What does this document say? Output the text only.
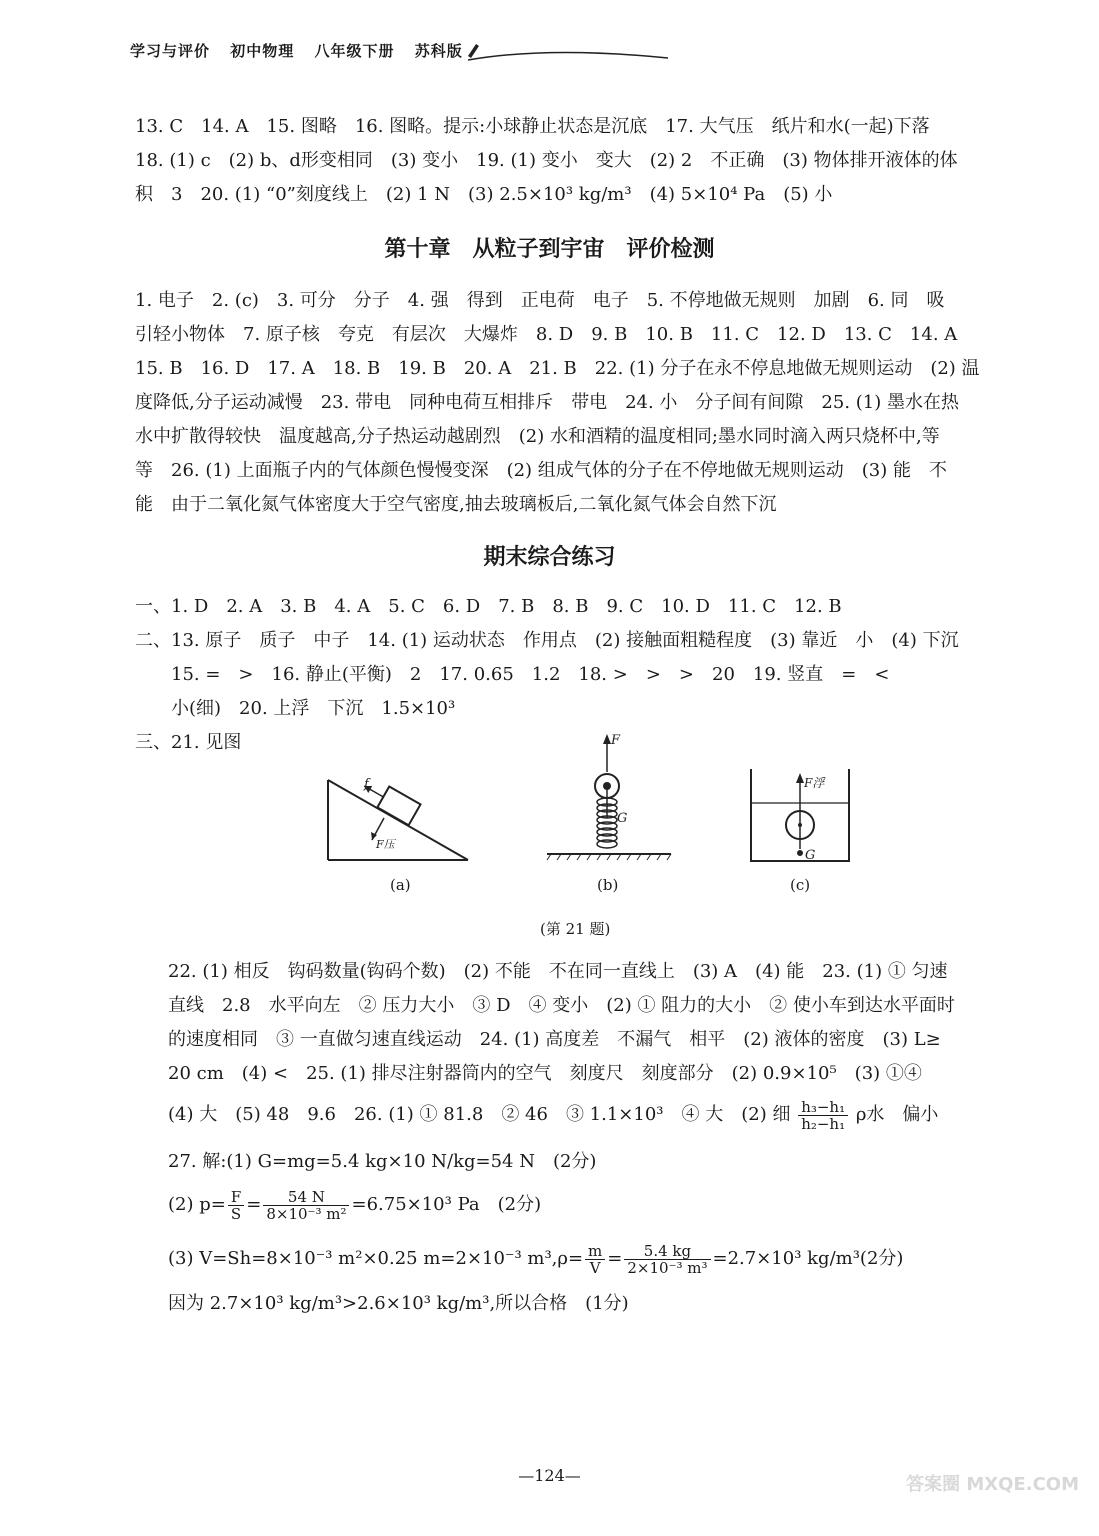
学习与评价 初中物理 八年级下册 苏科版
13. C　14. A　15. 图略　16. 图略。提示:小球静止状态是沉底　17. 大气压　纸片和水(一起)下落
18. (1) c　(2) b、d形变相同　(3) 变小　19. (1) 变小　变大　(2) 2　不正确　(3) 物体排开液体的体
积　3　20. (1) “0”刻度线上　(2) 1 N　(3) 2.5×10³ kg/m³　(4) 5×10⁴ Pa　(5) 小
第十章　从粒子到宇宙　评价检测
1. 电子　2. (c)　3. 可分　分子　4. 强　得到　正电荷　电子　5. 不停地做无规则　加剧　6. 同　吸
引轻小物体　7. 原子核　夸克　有层次　大爆炸　8. D　9. B　10. B　11. C　12. D　13. C　14. A
15. B　16. D　17. A　18. B　19. B　20. A　21. B　22. (1) 分子在永不停息地做无规则运动　(2) 温
度降低,分子运动减慢　23. 带电　同种电荷互相排斥　带电　24. 小　分子间有间隙　25. (1) 墨水在热
水中扩散得较快　温度越高,分子热运动越剧烈　(2) 水和酒精的温度相同;墨水同时滴入两只烧杯中,等
等　26. (1) 上面瓶子内的气体颜色慢慢变深　(2) 组成气体的分子在不停地做无规则运动　(3) 能　不
能　由于二氧化氮气体密度大于空气密度,抽去玻璃板后,二氧化氮气体会自然下沉
期末综合练习
一、1. D　2. A　3. B　4. A　5. C　6. D　7. B　8. B　9. C　10. D　11. C　12. B
二、13. 原子　质子　中子　14. (1) 运动状态　作用点　(2) 接触面粗糙程度　(3) 靠近　小　(4) 下沉
　　15. =　>　16. 静止(平衡)　2　17. 0.65　1.2　18. >　>　>　20　19. 竖直　=　<
　　小(细)　20. 上浮　下沉　1.5×10³
三、21. 见图
f
F压
(a)
F
G
(b)
F浮
G
(c)
(第 21 题)
22. (1) 相反　钩码数量(钩码个数)　(2) 不能　不在同一直线上　(3) A　(4) 能　23. (1) ① 匀速
直线　2.8　水平向左　② 压力大小　③ D　④ 变小　(2) ① 阻力的大小　② 使小车到达水平面时
的速度相同　③ 一直做匀速直线运动　24. (1) 高度差　不漏气　相平　(2) 液体的密度　(3) L≥
20 cm　(4) <　25. (1) 排尽注射器筒内的空气　刻度尺　刻度部分　(2) 0.9×10⁵　(3) ①④
(4) 大　(5) 48　9.6　26. (1) ① 81.8　② 46　③ 1.1×10³　④ 大　(2) 细 $\frac{\text{h₃−h₁}}{\text{h₂−h₁}}$ ρ水　偏小
27. 解:(1) G=mg=5.4 kg×10 N/kg=54 N　(2分)
(2) $p= \frac{F}{S} = \frac{54 N}{\text{8×10⁻³ m²}} =6.75\times 10^3$ Pa　(2分)
(3) V=Sh=8×10⁻³ m²×0.25 m=2×10⁻³ $m^3,\rho= \frac{m}{V} = \frac{5.4 kg}{\text{2×10⁻³ m³}} =2.7\times 10^3$ kg/m³(2分)
因为 2.7×10³ kg/m³>2.6×10³ kg/m³,所以合格　(1分)
—124—	答案圈 MXQE.COM
